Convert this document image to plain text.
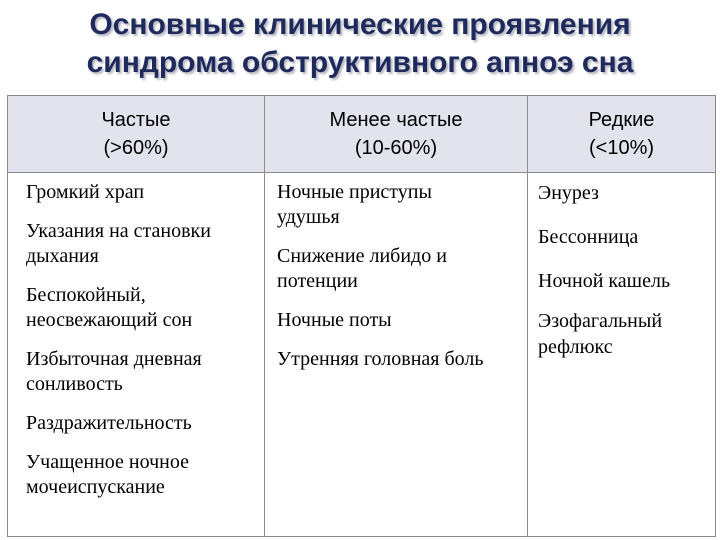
Основные клинические проявления
синдрома обструктивного апноэ сна
Частые
(>60%)
Менее частые
(10-60%)
Редкие
(<10%)
Громкий храп
Указания на становки дыхания
Беспокойный, неосвежающий сон
Избыточная дневная сонливость
Раздражительность
Учащенное ночное мочеиспускание
Ночные приступы удушья
Снижение либидо и потенции
Ночные поты
Утренняя головная боль
Энурез
Бессонница
Ночной кашель
Эзофагальный рефлюкс
